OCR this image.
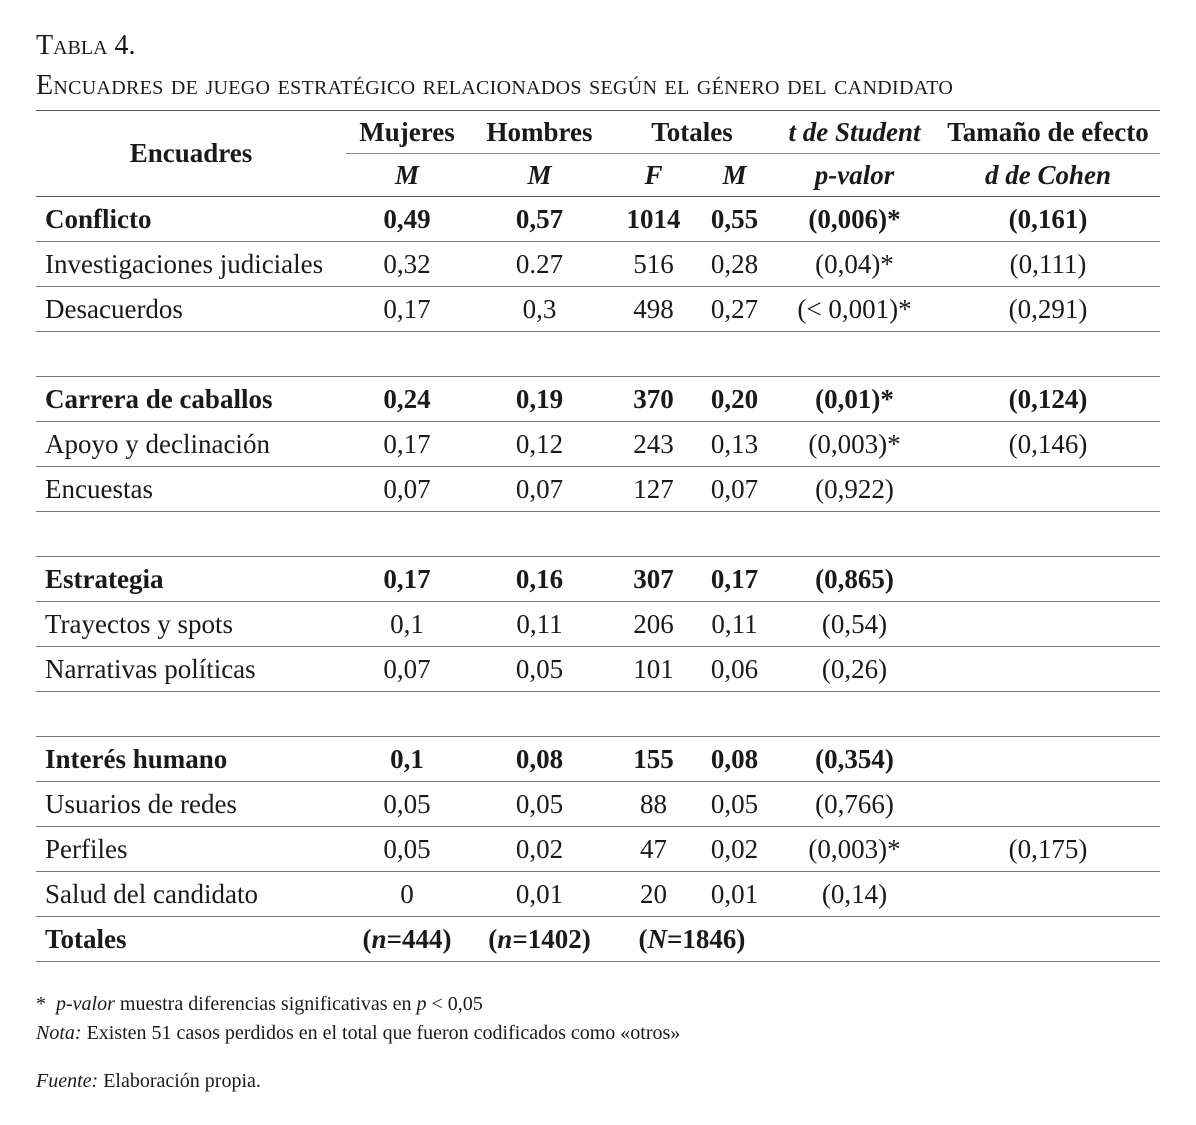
Tabla 4.
Encuadres de juego estratégico relacionados según el género del candidato
Encuadres	Mujeres	Hombres	Totales		t de Student	Tamaño de efecto
	M	M	F	M	p-valor	d de Cohen
Conflicto	0,49	0,57	1014	0,55	(0,006)*	(0,161)
Investigaciones judiciales	0,32	0.27	516	0,28	(0,04)*	(0,111)
Desacuerdos	0,17	0,3	498	0,27	(< 0,001)*	(0,291)

Carrera de caballos	0,24	0,19	370	0,20	(0,01)*	(0,124)
Apoyo y declinación	0,17	0,12	243	0,13	(0,003)*	(0,146)
Encuestas	0,07	0,07	127	0,07	(0,922)	

Estrategia	0,17	0,16	307	0,17	(0,865)	
Trayectos y spots	0,1	0,11	206	0,11	(0,54)	
Narrativas políticas	0,07	0,05	101	0,06	(0,26)	

Interés humano	0,1	0,08	155	0,08	(0,354)	
Usuarios de redes	0,05	0,05	88	0,05	(0,766)	
Perfiles	0,05	0,02	47	0,02	(0,003)*	(0,175)
Salud del candidato	0	0,01	20	0,01	(0,14)	
Totales	(n=444)	(n=1402)	(N=1846)			
* p-valor muestra diferencias significativas en p < 0,05
Nota: Existen 51 casos perdidos en el total que fueron codificados como «otros»
Fuente: Elaboración propia.
